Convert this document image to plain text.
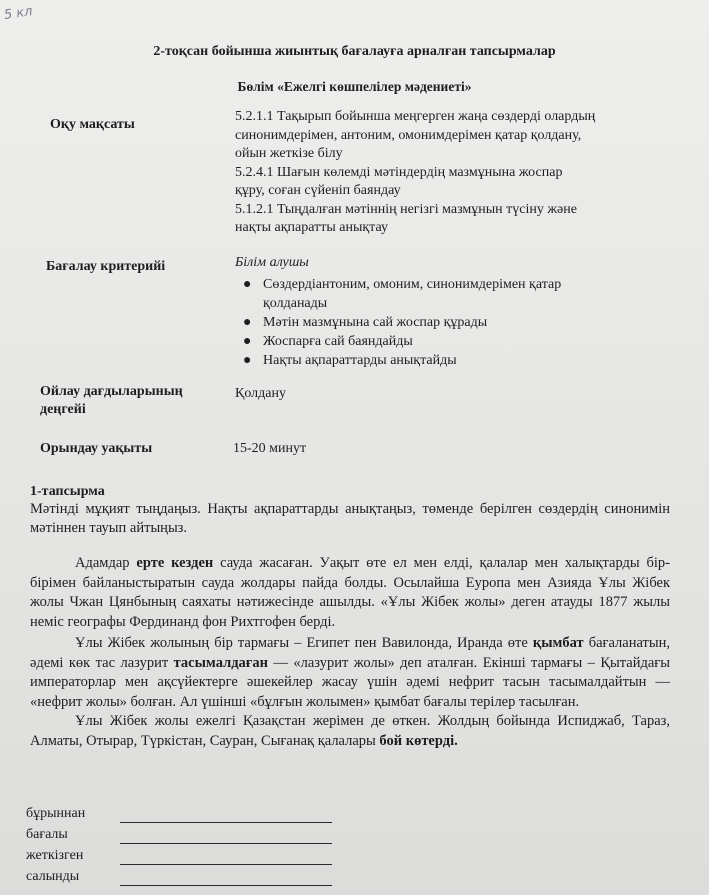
5 кл
2-тоқсан бойынша жиынтық бағалауға арналған тапсырмалар
Бөлім «Ежелгі көшпелілер мәдениеті»
Оқу мақсаты

5.2.1.1 Тақырып бойынша меңгерген жаңа сөздерді олардың

синонимдерімен, антоним, омонимдерімен қатар қолдану,

ойын жеткізе білу

5.2.4.1 Шағын көлемді мәтіндердің мазмұнына жоспар

құру, соған сүйеніп баяндау

5.1.2.1 Тыңдалған мәтіннің негізгі мазмұнын түсіну және

нақты ақпаратты анықтау

Бағалау критерийі	Білім алушы

● Сөздердіантоним, омоним, синонимдерімен қатар
қолданады
● Мәтін мазмұнына сай жоспар құрады
● Жоспарға сай баяндайды
● Нақты ақпараттарды анықтайды
Ойлау дағдыларының
деңгейі
Қолдану
Орындау уақыты	15-20 минут
1-тапсырма
Мәтінді мұқият тыңдаңыз. Нақты ақпараттарды анықтаңыз, төменде берілген сөздердің синонимін мәтіннен тауып айтыңыз.

Адамдар ерте кезден сауда жасаған. Уақыт өте ел мен елді, қалалар мен халықтарды бір-бірімен байланыстыратын сауда жолдары пайда болды. Осылайша Еуропа мен Азияда Ұлы Жібек жолы Чжан Цянбының саяхаты нәтижесінде ашылды. «Ұлы Жібек жолы» деген атауды 1877 жылы неміс географы Фердинанд фон Рихтгофен берді.

Ұлы Жібек жолының бір тармағы – Египет пен Вавилонда, Иранда өте қымбат бағаланатын, әдемі көк тас лазурит тасымалдаған — «лазурит жолы» деп аталған. Екінші тармағы – Қытайдағы императорлар мен ақсүйектерге әшекейлер жасау үшін әдемі нефрит тасын тасымалдайтын — «нефрит жолы» болған. Ал үшінші «бұлғын жолымен» қымбат бағалы терілер тасылған.

Ұлы Жібек жолы ежелгі Қазақстан жерімен де өткен. Жолдың бойында Испиджаб, Тараз, Алматы, Отырар, Түркістан, Сауран, Сығанақ қалалары бой көтерді.

бұрыннан
бағалы
жеткізген
салынды
